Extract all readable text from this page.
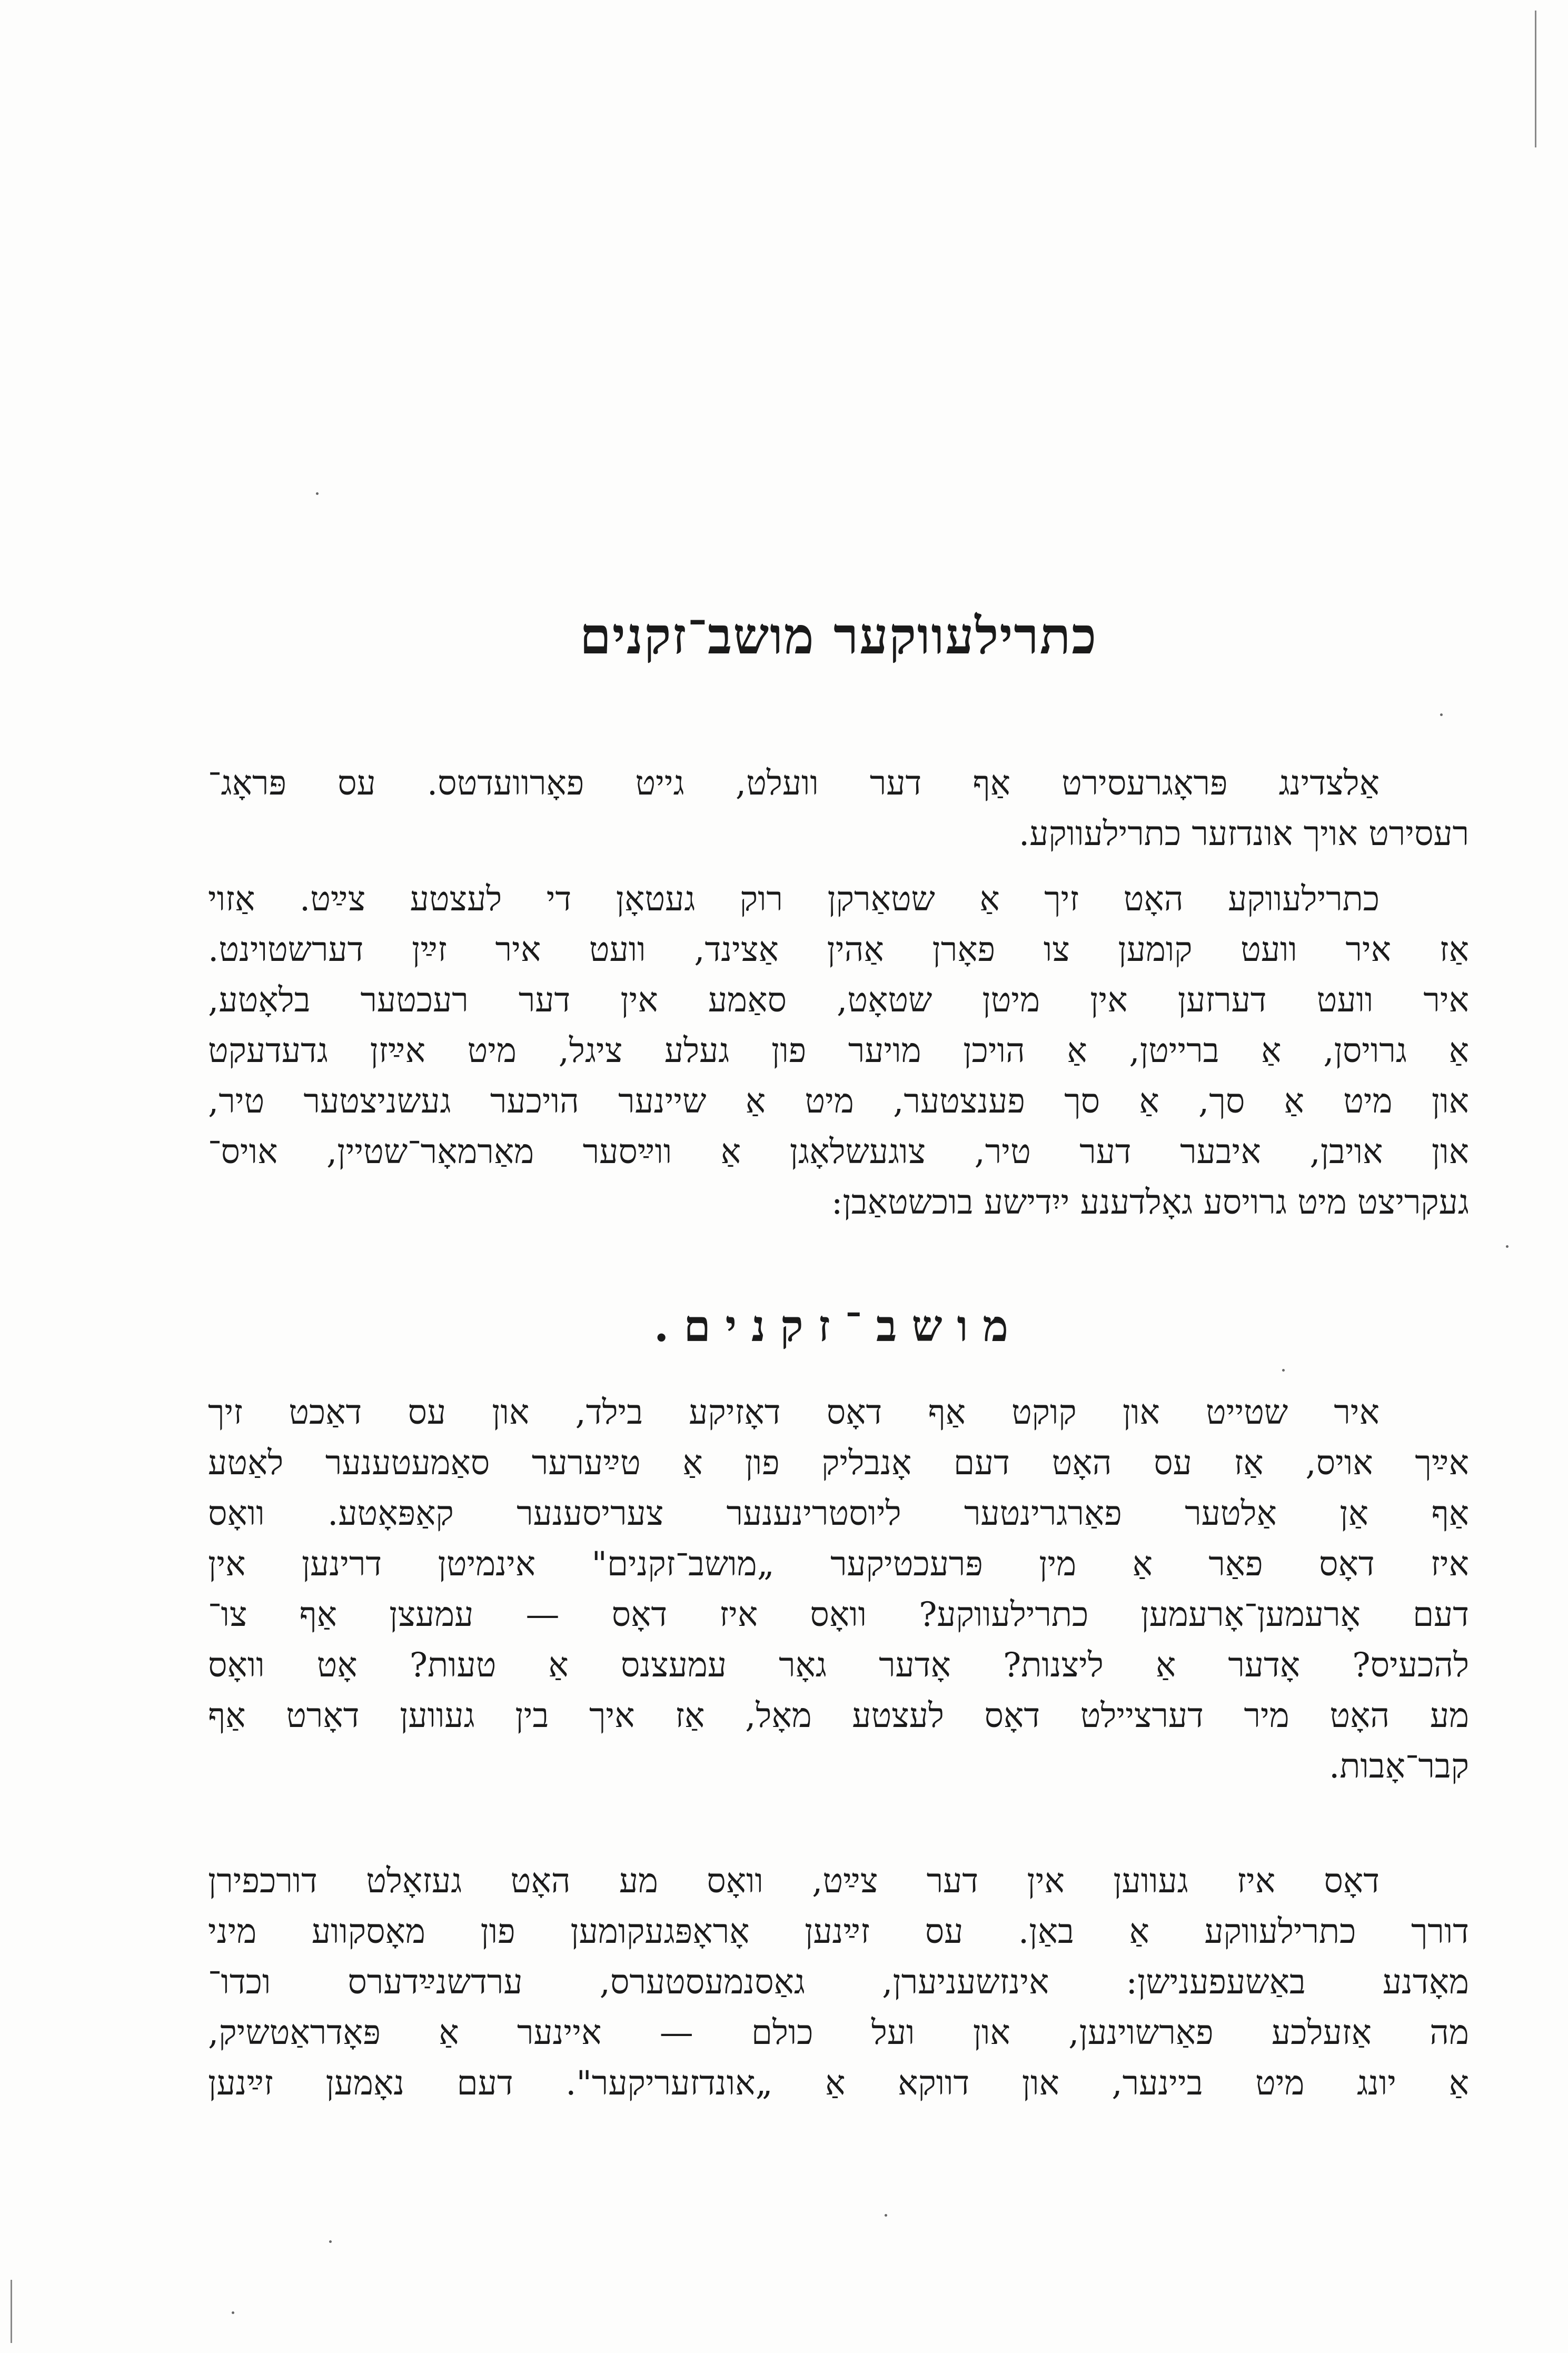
כתרילעווקער מושב־זקנים
אַלצדינג פּראָגרעסירט אַף דער וועלט, גייט פאָרוועדטס. עס פּראָג־
רעסירט אויך אונדזער כתרילעווקע.
כתרילעווקע האָט זיך אַ שטאַרקן רוק געטאָן די לעצטע צײַט. אַזוי
אַז איר וועט קומען צו פאָרן אַהין אַצינד, וועט איר זײַן דערשטוינט.
איר וועט דערזען אין מיטן שטאָט, סאַמע אין דער רעכטער בלאָטע,
אַ גרויסן, אַ ברייטן, אַ הויכן מויער פון געלע ציגל, מיט אײַזן גדעדעקט
און מיט אַ סך, אַ סך פענצטער, מיט אַ שיינער הויכער געשניצטער טיר,
און אויבן, איבער דער טיר, צוגעשלאָגן אַ ווײַסער מאַרמאָר־שטיין, אויס־
געקריצט מיט גרויסע גאָלדענע ייִדישע בוכשטאַבן:
מושב־זקנים.
איר שטייט און קוקט אַף דאָס דאָזיקע בילד, און עס דאַכט זיך
אײַך אויס, אַז עס האָט דעם אָנבליק פון אַ טײַערער סאַמעטענער לאַטע
אַף אַן אַלטער פאַרגרינטער ליוסטרינענער צעריסענער קאַפּאָטע. וואָס
איז דאָס פאַר אַ מין פּרעכטיקער „מושב־זקנים" אינמיטן דרינען אין
דעם אָרעמען־אָרעמען כתרילעווקע? וואָס איז דאָס — עמעצן אַף צו־
להכעיס? אָדער אַ ליצנות? אָדער גאָר עמעצנס אַ טעות? אָט וואָס
מע האָט מיר דערציילט דאָס לעצטע מאָל, אַז איך בין געווען דאָרט אַף
קבר־אָבות.
דאָס איז געווען אין דער צײַט, וואָס מע האָט געזאָלט דורכפירן
דורך כתרילעווקע אַ באַן. עס זײַנען אָראָפּגעקומען פון מאָסקווע מיני
מאָדנע באַשעפענישן: אינזשעניערן, גאַסנמעסטערס, ערדשנײַדערס וכדו־
מה אַזעלכע פאַרשוינען, און ועל כולם — איינער אַ פּאָדראַטשיק,
אַ יונג מיט ביינער, און דווקא אַ „אונדזעריקער". דעם נאָמען זײַנען
